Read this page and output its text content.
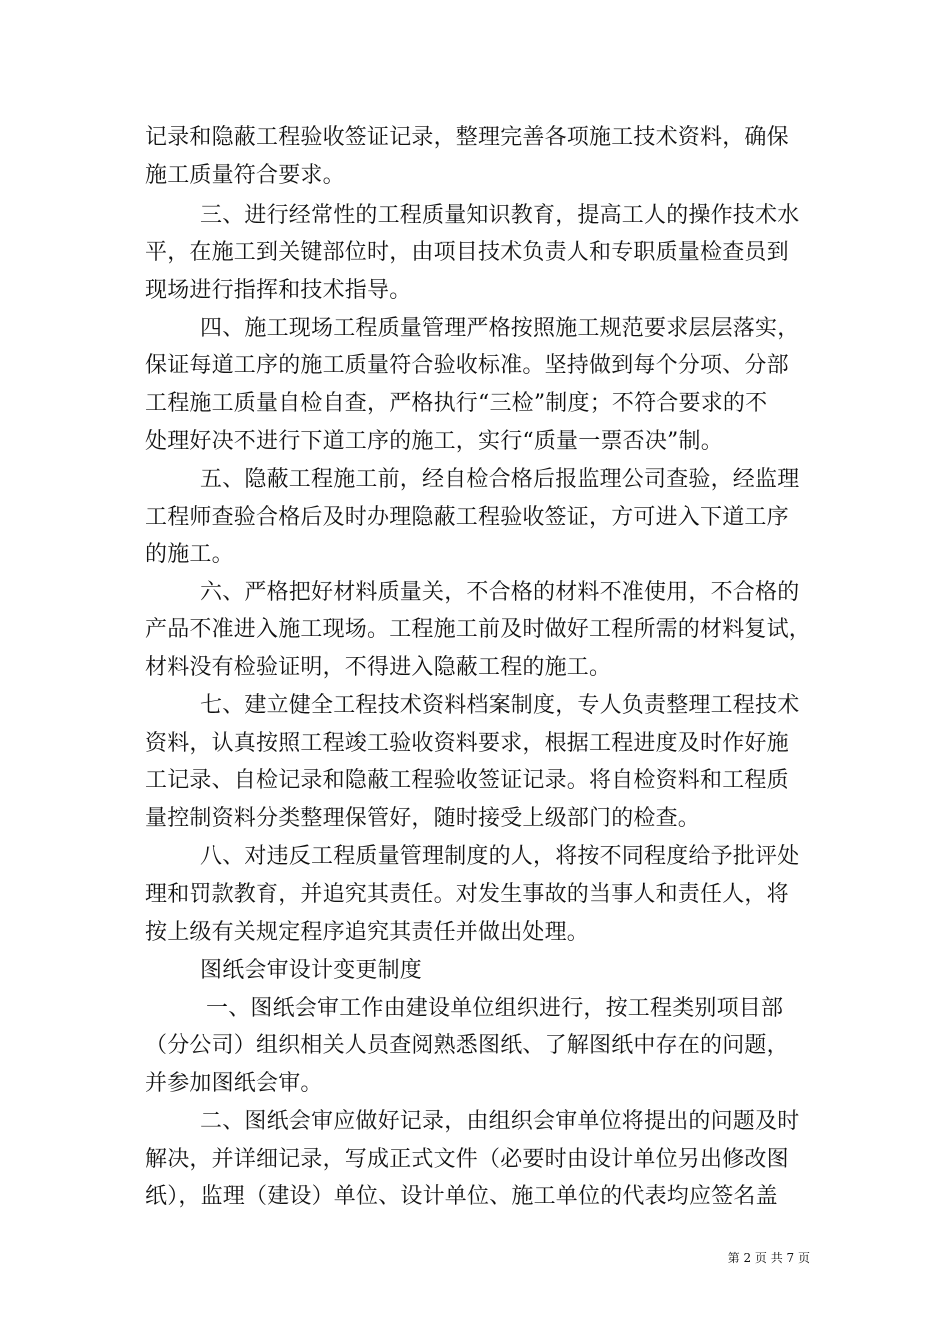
记录和隐蔽工程验收签证记录，整理完善各项施工技术资料，确保
施工质量符合要求。
三、进行经常性的工程质量知识教育，提高工人的操作技术水
平，在施工到关键部位时，由项目技术负责人和专职质量检查员到
现场进行指挥和技术指导。
四、施工现场工程质量管理严格按照施工规范要求层层落实，
保证每道工序的施工质量符合验收标准。坚持做到每个分项、分部
工程施工质量自检自查，严格执行“三检”制度；不符合要求的不
处理好决不进行下道工序的施工，实行“质量一票否决”制。
五、隐蔽工程施工前，经自检合格后报监理公司查验，经监理
工程师查验合格后及时办理隐蔽工程验收签证，方可进入下道工序
的施工。
六、严格把好材料质量关，不合格的材料不准使用，不合格的
产品不准进入施工现场。工程施工前及时做好工程所需的材料复试，
材料没有检验证明，不得进入隐蔽工程的施工。
七、建立健全工程技术资料档案制度，专人负责整理工程技术
资料，认真按照工程竣工验收资料要求，根据工程进度及时作好施
工记录、自检记录和隐蔽工程验收签证记录。将自检资料和工程质
量控制资料分类整理保管好，随时接受上级部门的检查。
八、对违反工程质量管理制度的人，将按不同程度给予批评处
理和罚款教育，并追究其责任。对发生事故的当事人和责任人，将
按上级有关规定程序追究其责任并做出处理。
图纸会审设计变更制度
一、图纸会审工作由建设单位组织进行，按工程类别项目部
（分公司）组织相关人员查阅熟悉图纸、了解图纸中存在的问题，
并参加图纸会审。
二、图纸会审应做好记录，由组织会审单位将提出的问题及时
解决，并详细记录，写成正式文件（必要时由设计单位另出修改图
纸），监理（建设）单位、设计单位、施工单位的代表均应签名盖
第 2 页 共 7 页
